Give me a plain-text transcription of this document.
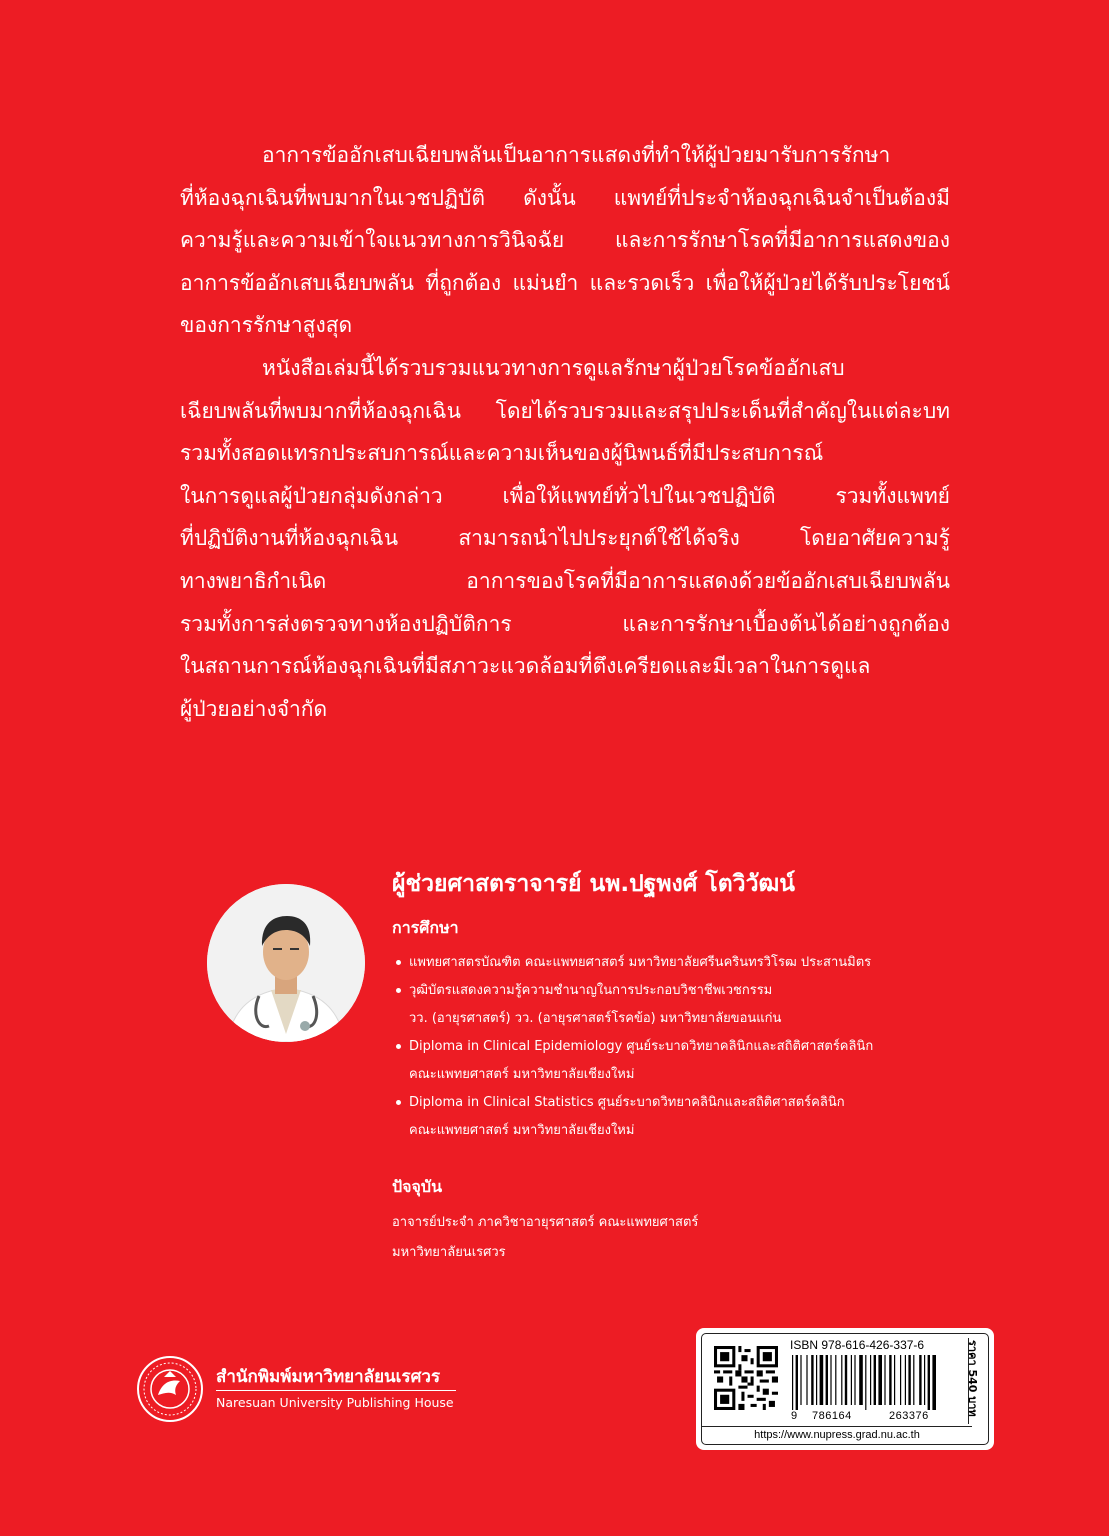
อาการข้ออักเสบเฉียบพลันเป็นอาการแสดงที่ทำให้ผู้ป่วยมารับการรักษา
ที่ห้องฉุกเฉินที่พบมากในเวชปฏิบัติ ดังนั้น แพทย์ที่ประจำห้องฉุกเฉินจำเป็นต้องมี
ความรู้และความเข้าใจแนวทางการวินิจฉัย และการรักษาโรคที่มีอาการแสดงของ
อาการข้ออักเสบเฉียบพลัน ที่ถูกต้อง แม่นยำ และรวดเร็ว เพื่อให้ผู้ป่วยได้รับประโยชน์
ของการรักษาสูงสุด

หนังสือเล่มนี้ได้รวบรวมแนวทางการดูแลรักษาผู้ป่วยโรคข้ออักเสบ
เฉียบพลันที่พบมากที่ห้องฉุกเฉิน โดยได้รวบรวมและสรุปประเด็นที่สำคัญในแต่ละบท
รวมทั้งสอดแทรกประสบการณ์และความเห็นของผู้นิพนธ์ที่มีประสบการณ์
ในการดูแลผู้ป่วยกลุ่มดังกล่าว เพื่อให้แพทย์ทั่วไปในเวชปฏิบัติ รวมทั้งแพทย์
ที่ปฏิบัติงานที่ห้องฉุกเฉิน สามารถนำไปประยุกต์ใช้ได้จริง โดยอาศัยความรู้
ทางพยาธิกำเนิด อาการของโรคที่มีอาการแสดงด้วยข้ออักเสบเฉียบพลัน
รวมทั้งการส่งตรวจทางห้องปฏิบัติการ และการรักษาเบื้องต้นได้อย่างถูกต้อง
ในสถานการณ์ห้องฉุกเฉินที่มีสภาวะแวดล้อมที่ตึงเครียดและมีเวลาในการดูแล
ผู้ป่วยอย่างจำกัด

ผู้ช่วยศาสตราจารย์ นพ.ปฐพงศ์ โตวิวัฒน์
การศึกษา
แพทยศาสตรบัณฑิต คณะแพทยศาสตร์ มหาวิทยาลัยศรีนครินทรวิโรฒ ประสานมิตร
วุฒิบัตรแสดงความรู้ความชำนาญในการประกอบวิชาชีพเวชกรรม
วว. (อายุรศาสตร์) วว. (อายุรศาสตร์โรคข้อ) มหาวิทยาลัยขอนแก่น
Diploma in Clinical Epidemiology ศูนย์ระบาดวิทยาคลินิกและสถิติศาสตร์คลินิก
คณะแพทยศาสตร์ มหาวิทยาลัยเชียงใหม่
Diploma in Clinical Statistics ศูนย์ระบาดวิทยาคลินิกและสถิติศาสตร์คลินิก
คณะแพทยศาสตร์ มหาวิทยาลัยเชียงใหม่
ปัจจุบัน
อาจารย์ประจำ ภาควิชาอายุรศาสตร์ คณะแพทยศาสตร์
มหาวิทยาลัยนเรศวร
สำนักพิมพ์มหาวิทยาลัยนเรศวร
Naresuan University Publishing House
ISBN 978-616-426-337-6
9 786164	263376
https://www.nupress.grad.nu.ac.th
ราคา 540 บาท
